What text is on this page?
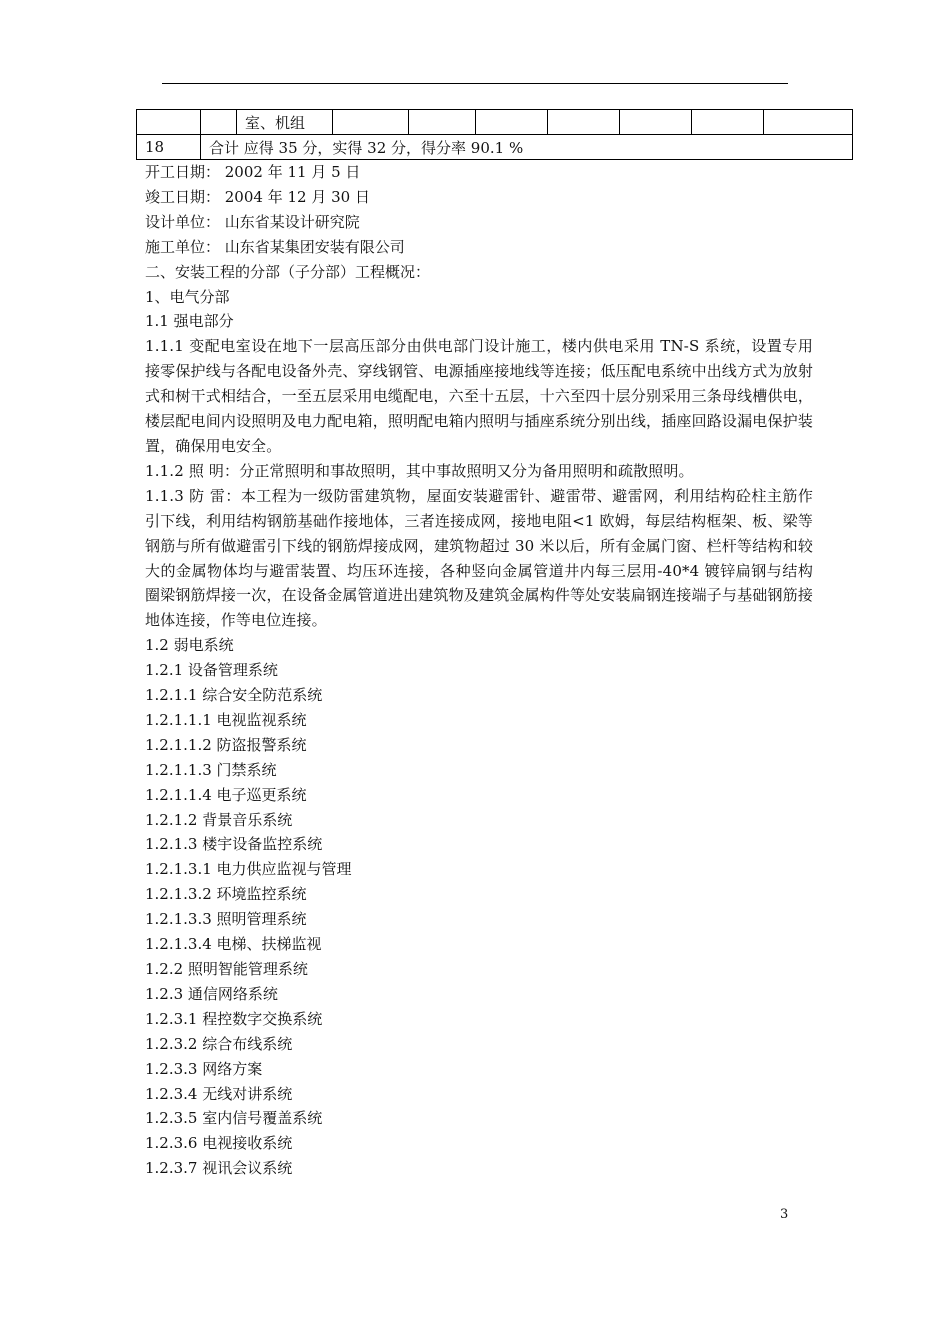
		室、机组							
18	合计 应得 35 分，实得 32 分，得分率 90.1 %								

开工日期： 2002 年 11 月 5 日

竣工日期： 2004 年 12 月 30 日

设计单位： 山东省某设计研究院

施工单位： 山东省某集团安装有限公司

二、安装工程的分部（子分部）工程概况：

1、电气分部

1.1 强电部分

1.1.1 变配电室设在地下一层高压部分由供电部门设计施工，楼内供电采用 TN-S 系统，设置专用接零保护线与各配电设备外壳、穿线钢管、电源插座接地线等连接；低压配电系统中出线方式为放射式和树干式相结合，一至五层采用电缆配电，六至十五层，十六至四十层分别采用三条母线槽供电，楼层配电间内设照明及电力配电箱，照明配电箱内照明与插座系统分别出线，插座回路设漏电保护装置，确保用电安全。

1.1.2 照 明：分正常照明和事故照明，其中事故照明又分为备用照明和疏散照明。

1.1.3 防 雷：本工程为一级防雷建筑物，屋面安装避雷针、避雷带、避雷网，利用结构砼柱主筋作引下线，利用结构钢筋基础作接地体，三者连接成网，接地电阻<1 欧姆，每层结构框架、板、梁等钢筋与所有做避雷引下线的钢筋焊接成网，建筑物超过 30 米以后，所有金属门窗、栏杆等结构和较大的金属物体均与避雷装置、均压环连接，各种竖向金属管道井内每三层用-40*4 镀锌扁钢与结构圈梁钢筋焊接一次，在设备金属管道进出建筑物及建筑金属构件等处安装扁钢连接端子与基础钢筋接地体连接，作等电位连接。

1.2 弱电系统

1.2.1 设备管理系统

1.2.1.1 综合安全防范系统

1.2.1.1.1 电视监视系统

1.2.1.1.2 防盗报警系统

1.2.1.1.3 门禁系统

1.2.1.1.4 电子巡更系统

1.2.1.2 背景音乐系统

1.2.1.3 楼宇设备监控系统

1.2.1.3.1 电力供应监视与管理

1.2.1.3.2 环境监控系统

1.2.1.3.3 照明管理系统

1.2.1.3.4 电梯、扶梯监视

1.2.2 照明智能管理系统

1.2.3 通信网络系统

1.2.3.1 程控数字交换系统

1.2.3.2 综合布线系统

1.2.3.3 网络方案

1.2.3.4 无线对讲系统

1.2.3.5 室内信号覆盖系统

1.2.3.6 电视接收系统

1.2.3.7 视讯会议系统

3
